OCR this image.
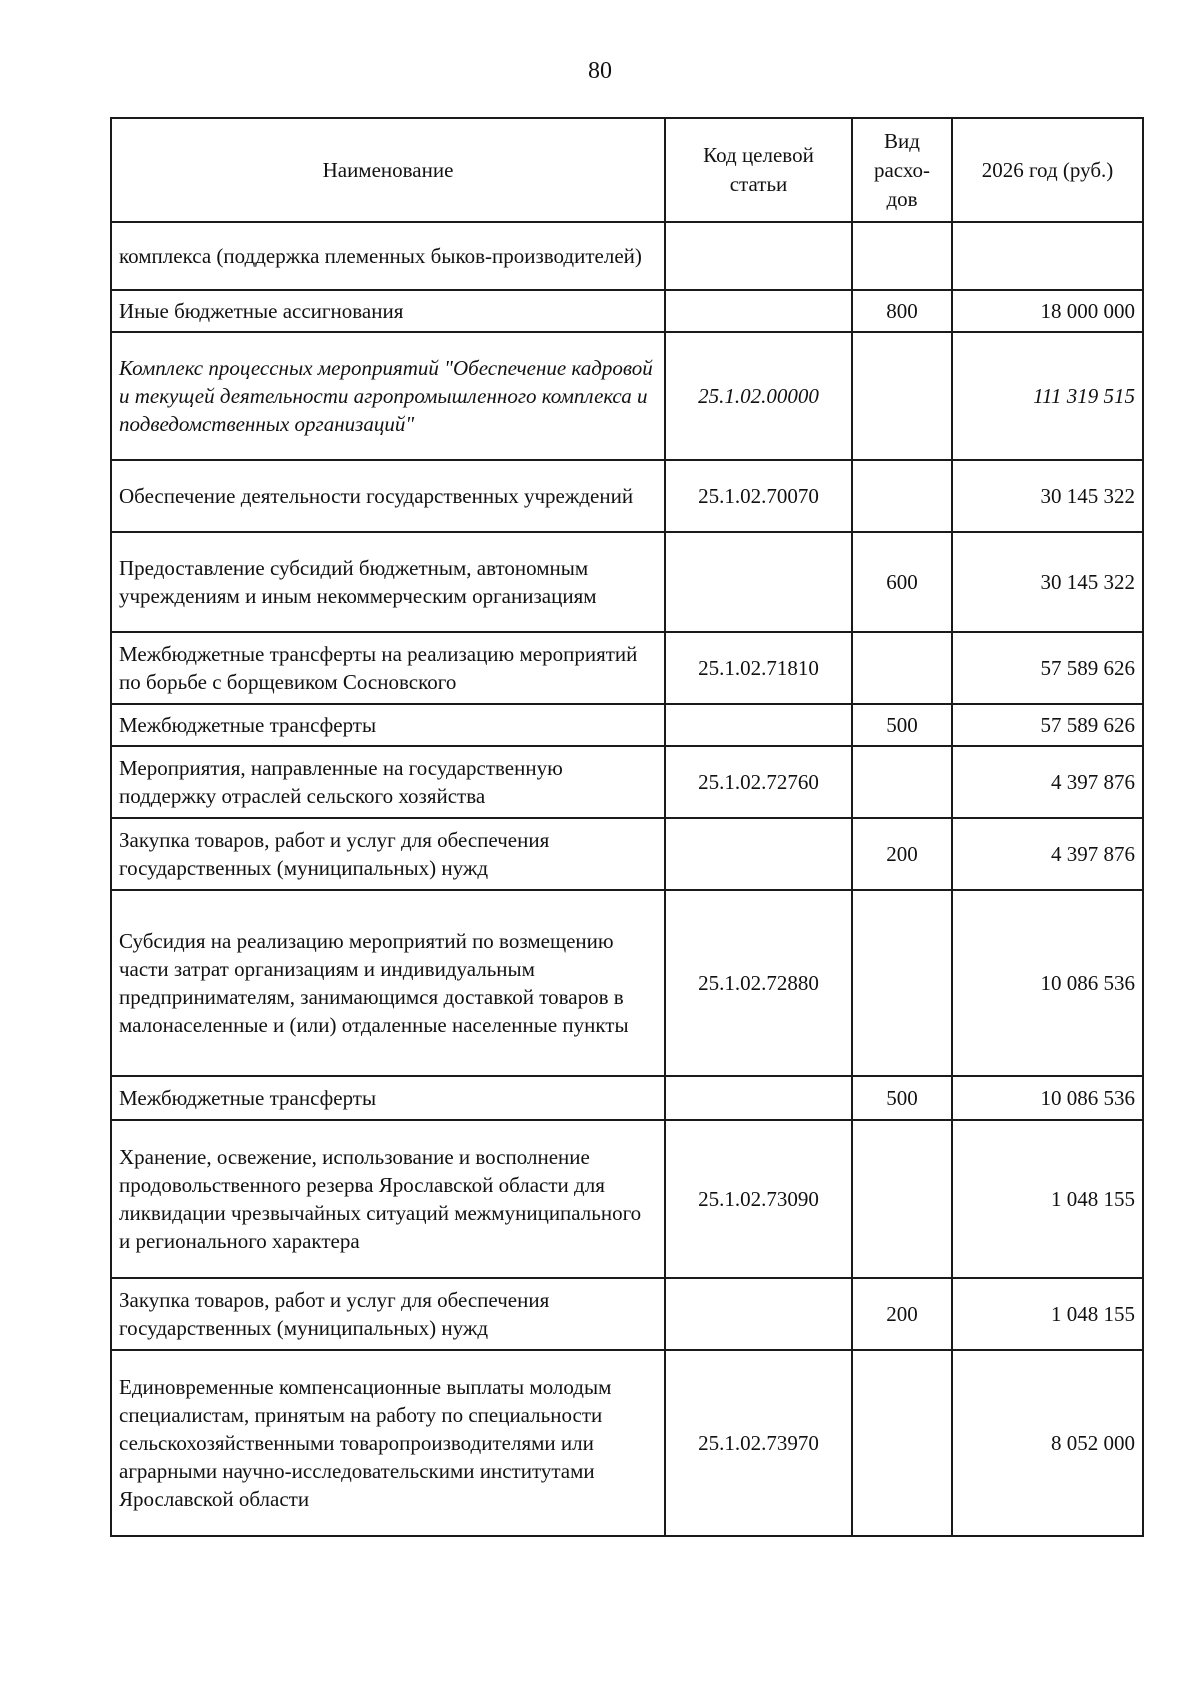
80
Наименование	Код целевой статьи	Вид расхо-дов	2026 год (руб.)
комплекса (поддержка племенных быков-производителей)			
Иные бюджетные ассигнования		800	18 000 000
Комплекс процессных мероприятий "Обеспечение кадровой и текущей деятельности агропромышленного комплекса и подведомственных организаций"	25.1.02.00000		111 319 515
Обеспечение деятельности государственных учреждений	25.1.02.70070		30 145 322
Предоставление субсидий бюджетным, автономным учреждениям и иным некоммерческим организациям		600	30 145 322
Межбюджетные трансферты на реализацию мероприятий по борьбе с борщевиком Сосновского	25.1.02.71810		57 589 626
Межбюджетные трансферты		500	57 589 626
Мероприятия, направленные на государственную поддержку отраслей сельского хозяйства	25.1.02.72760		4 397 876
Закупка товаров, работ и услуг для обеспечения государственных (муниципальных) нужд		200	4 397 876
Субсидия на реализацию мероприятий по возмещению части затрат организациям и индивидуальным предпринимателям, занимающимся доставкой товаров в малонаселенные и (или) отдаленные населенные пункты	25.1.02.72880		10 086 536
Межбюджетные трансферты		500	10 086 536
Хранение, освежение, использование и восполнение продовольственного резерва Ярославской области для ликвидации чрезвычайных ситуаций межмуниципального и регионального характера	25.1.02.73090		1 048 155
Закупка товаров, работ и услуг для обеспечения государственных (муниципальных) нужд		200	1 048 155
Единовременные компенсационные выплаты молодым специалистам, принятым на работу по специальности сельскохозяйственными товаропроизводителями или аграрными научно-исследовательскими институтами Ярославской области	25.1.02.73970		8 052 000
